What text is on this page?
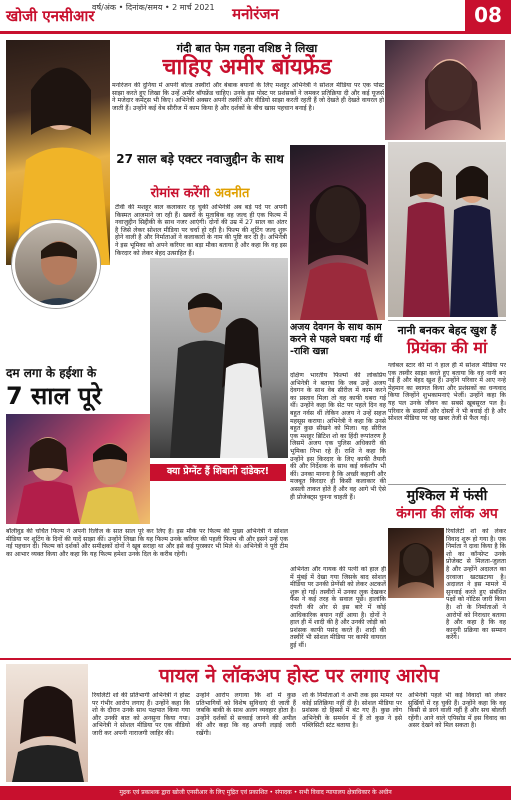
खोजी एनसीआर
वर्ष/अंक • दिनांक/समय • 2 मार्च 2021	मनोरंजन	08
गंदी बात फेम गहना वशिष्ठ ने लिखा
चाहिए अमीर बॉयफ्रेंड
मनोरंजन की दुनिया में अपनी बोल्ड तस्वीरों और बेबाक बयानों के लिए मशहूर अभिनेत्री ने सोशल मीडिया पर एक पोस्ट साझा करते हुए लिखा कि उन्हें अमीर बॉयफ्रेंड चाहिए। उनके इस पोस्ट पर प्रशंसकों ने जमकर प्रतिक्रिया दी और कई यूजर्स ने मजेदार कमेंट्स भी किए। अभिनेत्री अक्सर अपनी तस्वीरें और वीडियो साझा करती रहती हैं जो देखते ही देखते वायरल हो जाती हैं। उन्होंने कई वेब सीरीज में काम किया है और दर्शकों के बीच खास पहचान बनाई है।
27 साल बड़े एक्टर नवाजुद्दीन के साथ
रोमांस करेंगी अवनीत
टीवी की मशहूर बाल कलाकार रह चुकी अभिनेत्री अब बड़े पर्दे पर अपनी किस्मत आजमाने जा रही हैं। खबरों के मुताबिक वह जल्द ही एक फिल्म में नवाजुद्दीन सिद्दीकी के साथ नजर आएंगी। दोनों की उम्र में 27 साल का अंतर है जिसे लेकर सोशल मीडिया पर चर्चा हो रही है। फिल्म की शूटिंग जल्द शुरू होने वाली है और निर्माताओं ने कलाकारों के नाम की पुष्टि कर दी है। अभिनेत्री ने इस भूमिका को अपने करियर का बड़ा मौका बताया है और कहा कि वह इस किरदार को लेकर बेहद उत्साहित हैं।
अजय देवगन के साथ काम करने से पहले घबरा गई थीं -राशि खन्ना
दक्षिण भारतीय फिल्मों की लोकप्रिय अभिनेत्री ने बताया कि जब उन्हें अजय देवगन के साथ वेब सीरीज में काम करने का प्रस्ताव मिला तो वह काफी घबरा गई थीं। उन्होंने कहा कि सेट पर पहले दिन वह बहुत नर्वस थीं लेकिन अजय ने उन्हें सहज महसूस कराया। अभिनेत्री ने कहा कि उनसे बहुत कुछ सीखने को मिला। यह सीरीज एक मशहूर ब्रिटिश शो का हिंदी रूपांतरण है जिसमें अजय एक पुलिस अधिकारी की भूमिका निभा रहे हैं। राशि ने कहा कि उन्होंने इस किरदार के लिए काफी तैयारी की और निर्देशक के साथ कई वर्कशॉप भी कीं। उनका मानना है कि अच्छी कहानी और मजबूत किरदार ही किसी कलाकार की असली ताकत होते हैं और वह आगे भी ऐसे ही प्रोजेक्ट्स चुनना चाहती हैं।
नानी बनकर बेहद खुश हैं
प्रियंका की मां
ग्लोबल स्टार की मां ने हाल ही में सोशल मीडिया पर एक तस्वीर साझा करते हुए बताया कि वह नानी बन गई हैं और बेहद खुश हैं। उन्होंने परिवार में आए नन्हे मेहमान का स्वागत किया और प्रशंसकों का धन्यवाद किया जिन्होंने शुभकामनाएं भेजीं। उन्होंने कहा कि यह पल उनके जीवन का सबसे खूबसूरत पल है। परिवार के सदस्यों और दोस्तों ने भी बधाई दी है और सोशल मीडिया पर यह खबर तेजी से फैल गई।
मुश्किल में फंसी
कंगना की लॉक अप
रियलिटी शो को लेकर विवाद शुरू हो गया है। एक निर्माता ने दावा किया है कि शो का कॉन्सेप्ट उनके प्रोजेक्ट से मिलता-जुलता है और उन्होंने अदालत का दरवाजा खटखटाया है। अदालत ने इस मामले में सुनवाई करते हुए संबंधित पक्षों को नोटिस जारी किया है। शो के निर्माताओं ने आरोपों को निराधार बताया है और कहा है कि वह कानूनी प्रक्रिया का सम्मान करेंगे।
दम लगा के हईशा के
7 साल पूरे
बॉलीवुड की चर्चित फिल्म ने अपनी रिलीज के सात साल पूरे कर लिए हैं। इस मौके पर फिल्म की मुख्य अभिनेत्री ने सोशल मीडिया पर शूटिंग के दिनों की यादें साझा कीं। उन्होंने लिखा कि यह फिल्म उनके करियर की पहली फिल्म थी और इसने उन्हें एक नई पहचान दी। फिल्म को दर्शकों और समीक्षकों दोनों ने खूब सराहा था और इसे कई पुरस्कार भी मिले थे। अभिनेत्री ने पूरी टीम का आभार व्यक्त किया और कहा कि यह फिल्म हमेशा उनके दिल के करीब रहेगी।
क्या प्रेग्नेंट हैं शिबानी दांडेकर!
अभिनेता और गायक की पत्नी को हाल ही में मुंबई में देखा गया जिसके बाद सोशल मीडिया पर उनकी प्रेग्नेंसी को लेकर अटकलें शुरू हो गईं। तस्वीरों में उनका लुक देखकर फैंस ने कई तरह के सवाल पूछे। हालांकि दंपती की ओर से इस बारे में कोई आधिकारिक बयान नहीं आया है। दोनों ने हाल ही में शादी की है और उनकी जोड़ी को प्रशंसक काफी पसंद करते हैं। शादी की तस्वीरें भी सोशल मीडिया पर काफी वायरल हुई थीं।
पायल ने लॉकअप होस्ट पर लगाए आरोप
रियलिटी शो की प्रतिभागी अभिनेत्री ने होस्ट पर गंभीर आरोप लगाए हैं। उन्होंने कहा कि शो के दौरान उनके साथ पक्षपात किया गया और उनकी बात को अनसुना किया गया। अभिनेत्री ने सोशल मीडिया पर एक वीडियो जारी कर अपनी नाराजगी जाहिर की।
उन्होंने आरोप लगाया कि शो में कुछ प्रतिभागियों को विशेष सुविधाएं दी जाती हैं जबकि बाकी के साथ अलग व्यवहार होता है। उन्होंने दर्शकों से सच्चाई जानने की अपील की और कहा कि वह अपनी लड़ाई जारी रखेंगी।
शो के निर्माताओं ने अभी तक इस मामले पर कोई प्रतिक्रिया नहीं दी है। सोशल मीडिया पर प्रशंसक दो हिस्सों में बंट गए हैं। कुछ लोग अभिनेत्री के समर्थन में हैं तो कुछ ने इसे पब्लिसिटी स्टंट बताया है।
अभिनेत्री पहले भी कई विवादों को लेकर सुर्खियों में रह चुकी हैं। उन्होंने कहा कि वह किसी से डरने वाली नहीं हैं और सच बोलती रहेंगी। आने वाले एपिसोड में इस विवाद का असर देखने को मिल सकता है।
मुद्रक एवं प्रकाशक द्वारा खोजी एनसीआर के लिए मुद्रित एवं प्रकाशित • संपादक • सभी विवाद न्यायालय क्षेत्राधिकार के अधीन
